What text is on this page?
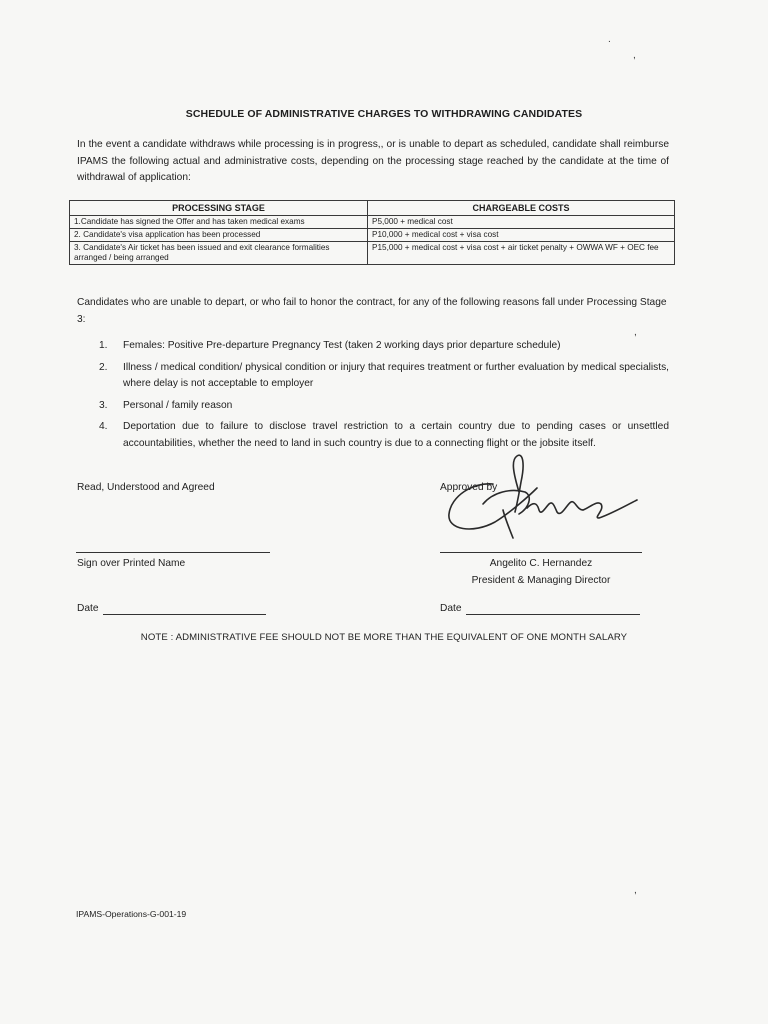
.
,
,
,
SCHEDULE OF ADMINISTRATIVE CHARGES TO WITHDRAWING CANDIDATES
In the event a candidate withdraws while processing is in progress,, or is unable to depart as scheduled, candidate shall reimburse IPAMS the following actual and administrative costs, depending on the processing stage reached by the candidate at the time of withdrawal of application:
PROCESSING STAGE	CHARGEABLE COSTS
1.Candidate has signed the Offer and has taken medical exams	P5,000 + medical cost
2. Candidate's visa application has been processed	P10,000 + medical cost + visa cost
3. Candidate's Air ticket has been issued and exit clearance formalities arranged / being arranged	P15,000 + medical cost + visa cost + air ticket penalty + OWWA WF + OEC fee
Candidates who are unable to depart, or who fail to honor the contract, for any of the following reasons fall under Processing Stage 3:
1. Females: Positive Pre-departure Pregnancy Test (taken 2 working days prior departure schedule)
2. Illness / medical condition/ physical condition or injury that requires treatment or further evaluation by medical specialists, where delay is not acceptable to employer
3. Personal / family reason
4. Deportation due to failure to disclose travel restriction to a certain country due to pending cases or unsettled accountabilities, whether the need to land in such country is due to a connecting flight or the jobsite itself.
Read, Understood and Agreed	Approved by
Sign over Printed Name	Angelito C. Hernandez
President & Managing Director
Date	Date
NOTE : ADMINISTRATIVE FEE SHOULD NOT BE MORE THAN THE EQUIVALENT OF ONE MONTH SALARY
IPAMS-Operations-G-001-19
